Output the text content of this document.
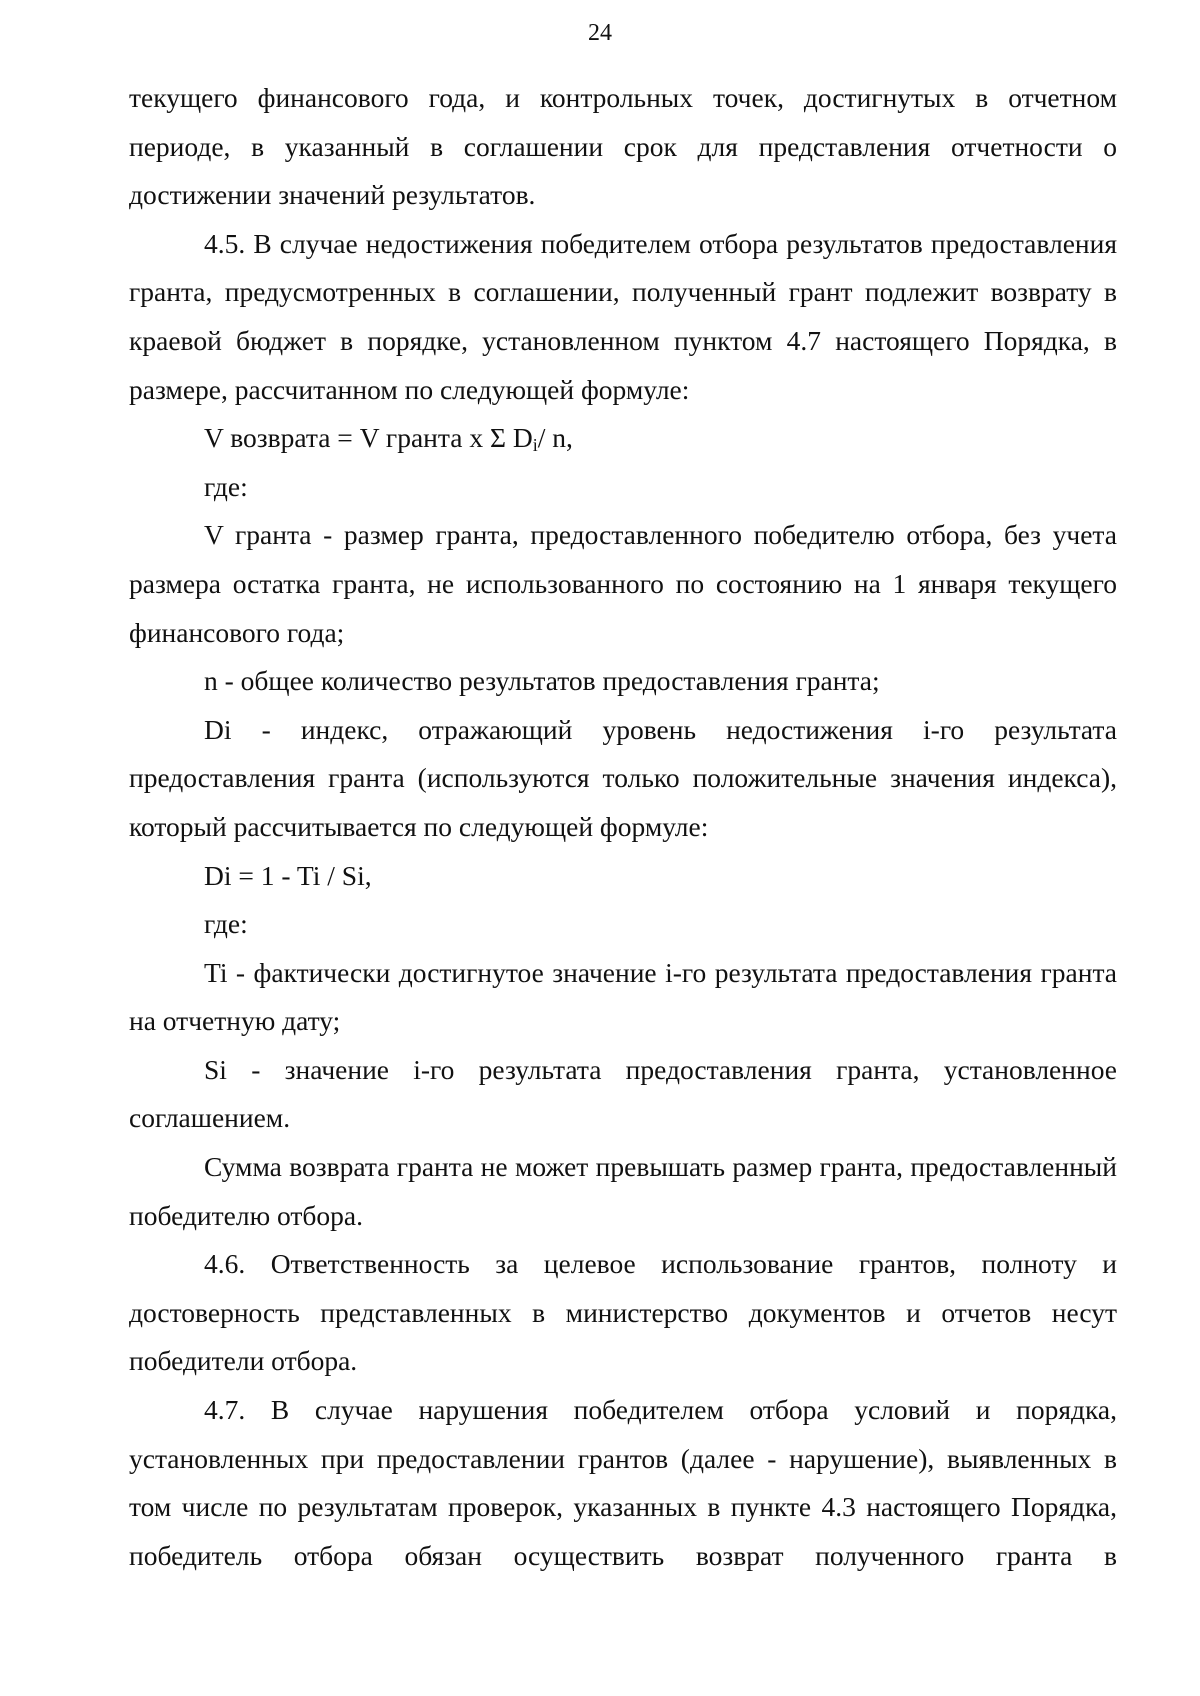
24

текущего финансового года, и контрольных точек, достигнутых в отчетном периоде, в указанный в соглашении срок для представления отчетности о достижении значений результатов.

4.5. В случае недостижения победителем отбора результатов предоставления гранта, предусмотренных в соглашении, полученный грант подлежит возврату в краевой бюджет в порядке, установленном пунктом 4.7 настоящего Порядка, в размере, рассчитанном по следующей формуле:

V возврата = V гранта x Σ $D_i/$ n,

где:

V гранта - размер гранта, предоставленного победителю отбора, без учета размера остатка гранта, не использованного по состоянию на 1 января текущего финансового года;

n - общее количество результатов предоставления гранта;

Di - индекс, отражающий уровень недостижения i-го результата предоставления гранта (используются только положительные значения индекса), который рассчитывается по следующей формуле:

Di = 1 - Ti / Si,

где:

Ti - фактически достигнутое значение i-го результата предоставления гранта на отчетную дату;

Si - значение i-го результата предоставления гранта, установленное соглашением.

Сумма возврата гранта не может превышать размер гранта, предоставленный победителю отбора.

4.6. Ответственность за целевое использование грантов, полноту и достоверность представленных в министерство документов и отчетов несут победители отбора.

4.7. В случае нарушения победителем отбора условий и порядка, установленных при предоставлении грантов (далее - нарушение), выявленных в том числе по результатам проверок, указанных в пункте 4.3 настоящего Порядка, победитель отбора обязан осуществить возврат полученного гранта в
